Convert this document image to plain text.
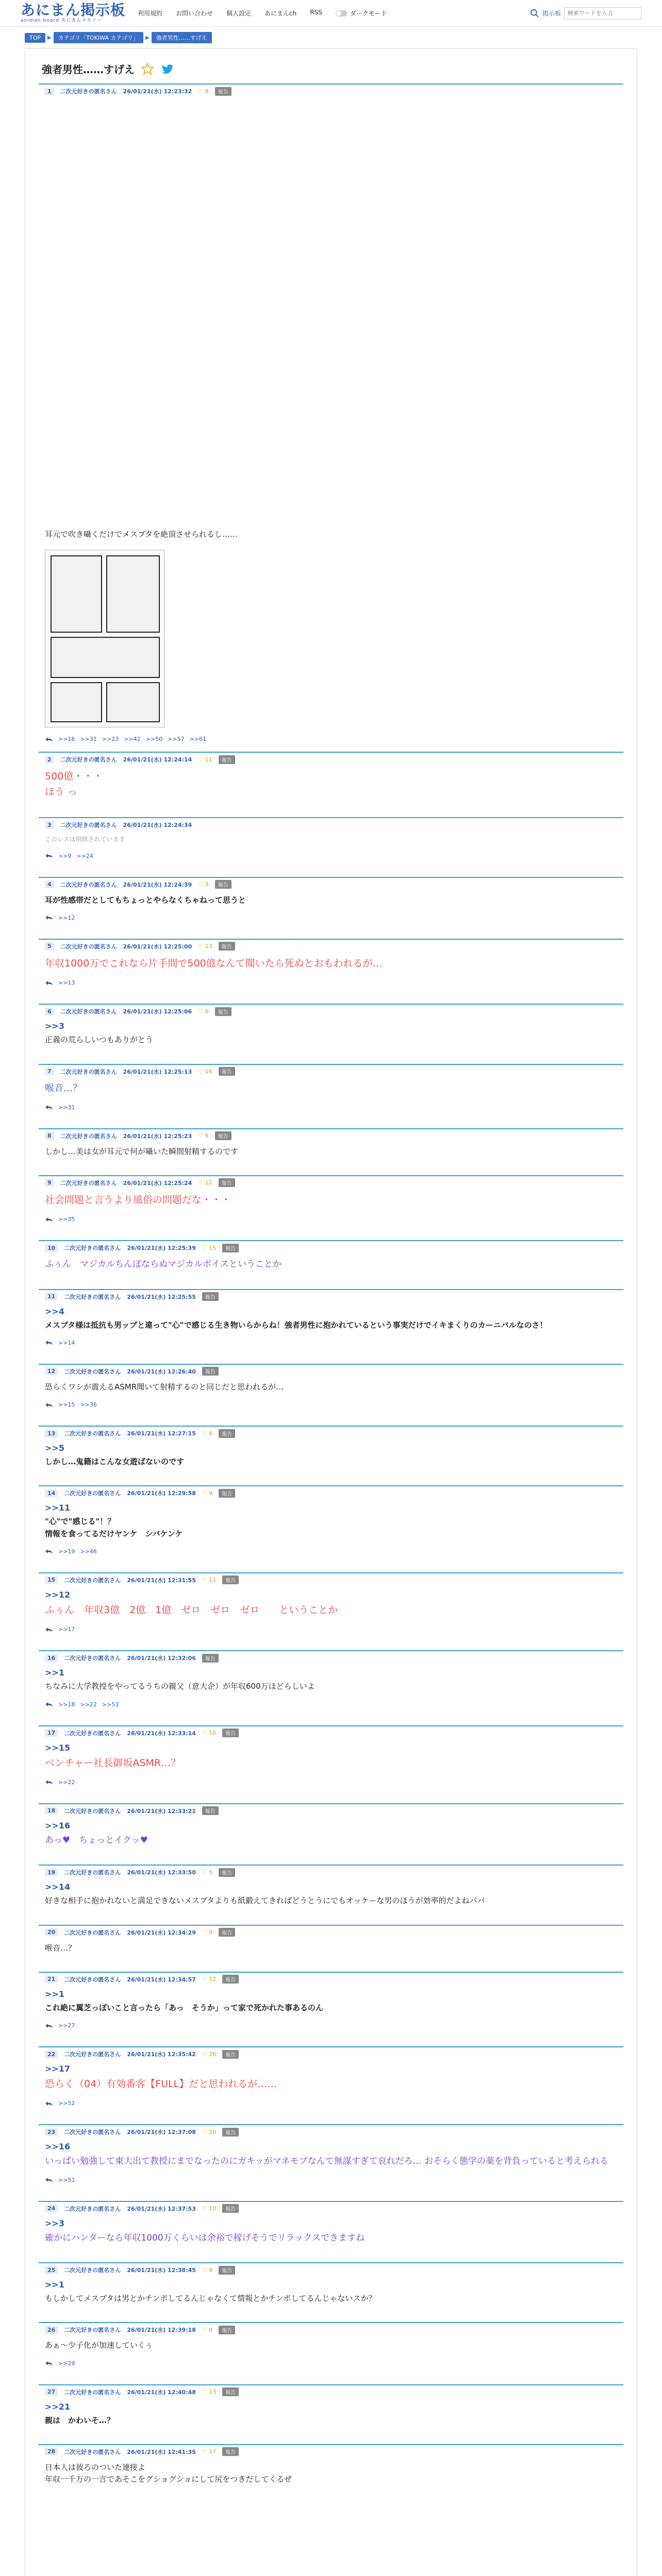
あにまん掲示板
animan board あにまんメモリー
利用規約 お問い合わせ 個人設定 あにまんch RSS	ダークモード	掲示板
検索ワードを入力
TOP	▶	カテゴリ「TOKIWA カテゴリ」	▶	強者男性……すげえ
強者男性……すげえ
1	二次元好きの匿名さん 26/01/21(水) 12:23:32 ♡ 8	報告
耳元で吹き囁くだけでメスブタを絶頂させられるし……
>>16 >>31 >>23 >>42 >>50 >>57 >>61
2	二次元好きの匿名さん 26/01/21(水) 12:24:14 ♡ 11	報告
500億・・・
ほう っ
3	二次元好きの匿名さん 26/01/21(水) 12:24:34
このレスは削除されています
>>9 >>24
4	二次元好きの匿名さん 26/01/21(水) 12:24:39 ♡ 9	報告
耳が性感帯だとしてもちょっとやらなくちゃねって思うと
>>12
5	二次元好きの匿名さん 26/01/21(水) 12:25:00 ♡ 13	報告
年収1000万でこれなら片手間で500億なんて聞いたら死ぬとおもわれるが…
>>13
6	二次元好きの匿名さん 26/01/21(水) 12:25:06 ♡ 6	報告
>>3
正義の荒らしいつもありがとう
7	二次元好きの匿名さん 26/01/21(水) 12:25:13 ♡ 16	報告
喉音…？
>>31
8	二次元好きの匿名さん 26/01/21(水) 12:25:23 ♡ 6	報告
しかし…美は女が耳元で何が囁いた瞬間射精するのです
9	二次元好きの匿名さん 26/01/21(水) 12:25:24 ♡ 12	報告
社会問題と言うより風俗の問題だな・・・
>>35
10	二次元好きの匿名さん 26/01/21(水) 12:25:39 ♡ 15	報告
ふぅん　マジカルちんぽならぬマジカルボイスということか
11	二次元好きの匿名さん 26/01/21(水) 12:25:55	報告
>>4
メスブタ様は抵抗も男ッブと違って"心"で感じる生き物いらからね！強者男性に抱かれているという事実だけでイキまくりのカーニバルなのさ！
>>14
12	二次元好きの匿名さん 26/01/21(水) 12:26:40	報告
恐らくワシが震えるASMR聞いて射精するのと同じだと思われるが…
>>15 >>36
13	二次元好きの匿名さん 26/01/21(水) 12:27:15 ♡ 6	報告
>>5
しかし…鬼籍はこんな女遊ばないのです
14	二次元好きの匿名さん 26/01/21(水) 12:29:58 ♡ 9	報告
>>11
"心"で"感じる"！？
情報を食ってるだけヤンケ　シバケンケ
>>19 >>46
15	二次元好きの匿名さん 26/01/21(水) 12:31:55 ♡ 11	報告
>>12
ふぅん　年収3億　2億　1億　ゼロ　ゼロ　ゼロ　　ということか
>>17
16	二次元好きの匿名さん 26/01/21(水) 12:32:06	報告
>>1
ちなみに大学教授をやってるうちの親父（意大企）が年収600万ほどらしいよ
>>18 >>22 >>53
17	二次元好きの匿名さん 26/01/21(水) 12:33:14 ♡ 10	報告
>>15
ベンチャー社長御坂ASMR…？
>>22
18	二次元好きの匿名さん 26/01/21(水) 12:33:21	報告
>>16
あっ♥　ちょっとイクッ♥
19	二次元好きの匿名さん 26/01/21(水) 12:33:50 ♡ 5	報告
>>14
好きな相手に抱かれないと満足できないメスブタよりも紙鍛えてきればどうとうにでもオッケーな男のほうが効率的だよねパパ
20	二次元好きの匿名さん 26/01/21(水) 12:34:29 ♡ 9	報告
喉音…？
21	二次元好きの匿名さん 26/01/21(水) 12:34:57 ♡ 12	報告
>>1
これ絶に翼芝っぽいこと言ったら「あっ　そうか」って家で死かれた事あるのん
>>27
22	二次元好きの匿名さん 26/01/21(水) 12:35:42 ♡ 26	報告
>>17
恐らく（04）有効番客【FULL】だと思われるが……
>>52
23	二次元好きの匿名さん 26/01/21(水) 12:37:08 ♡ 20	報告
>>16
いっぱい勉強して東大出て教授にまでなったのにガキッがマネモブなんて無謀すぎて哀れだろ… おそらく態学の薬を背負っていると考えられる
>>51
24	二次元好きの匿名さん 26/01/21(水) 12:37:53 ♡ 10	報告
>>3
確かにハンターなら年収1000万くらいは余裕で稼げそうでリラックスできますね
25	二次元好きの匿名さん 26/01/21(水) 12:38:45 ♡ 9	報告
>>1
もしかしてメスブタは男とかチンポしてるんじゃなくて情報とかチンポしてるんじゃないスか？
26	二次元好きの匿名さん 26/01/21(水) 12:39:18 ♡ 9	報告
あぁ〜少子化が加速していくぅ
>>29
27	二次元好きの匿名さん 26/01/21(水) 12:40:48 ♡ 13	報告
>>21
親は　かわいそ…？
28	二次元好きの匿名さん 26/01/21(水) 12:41:35 ♡ 17	報告
日本人は彼ろのついた連接よ
年収一千万の一言であそこをグショグショにして尻をつきだしてくるぜ
